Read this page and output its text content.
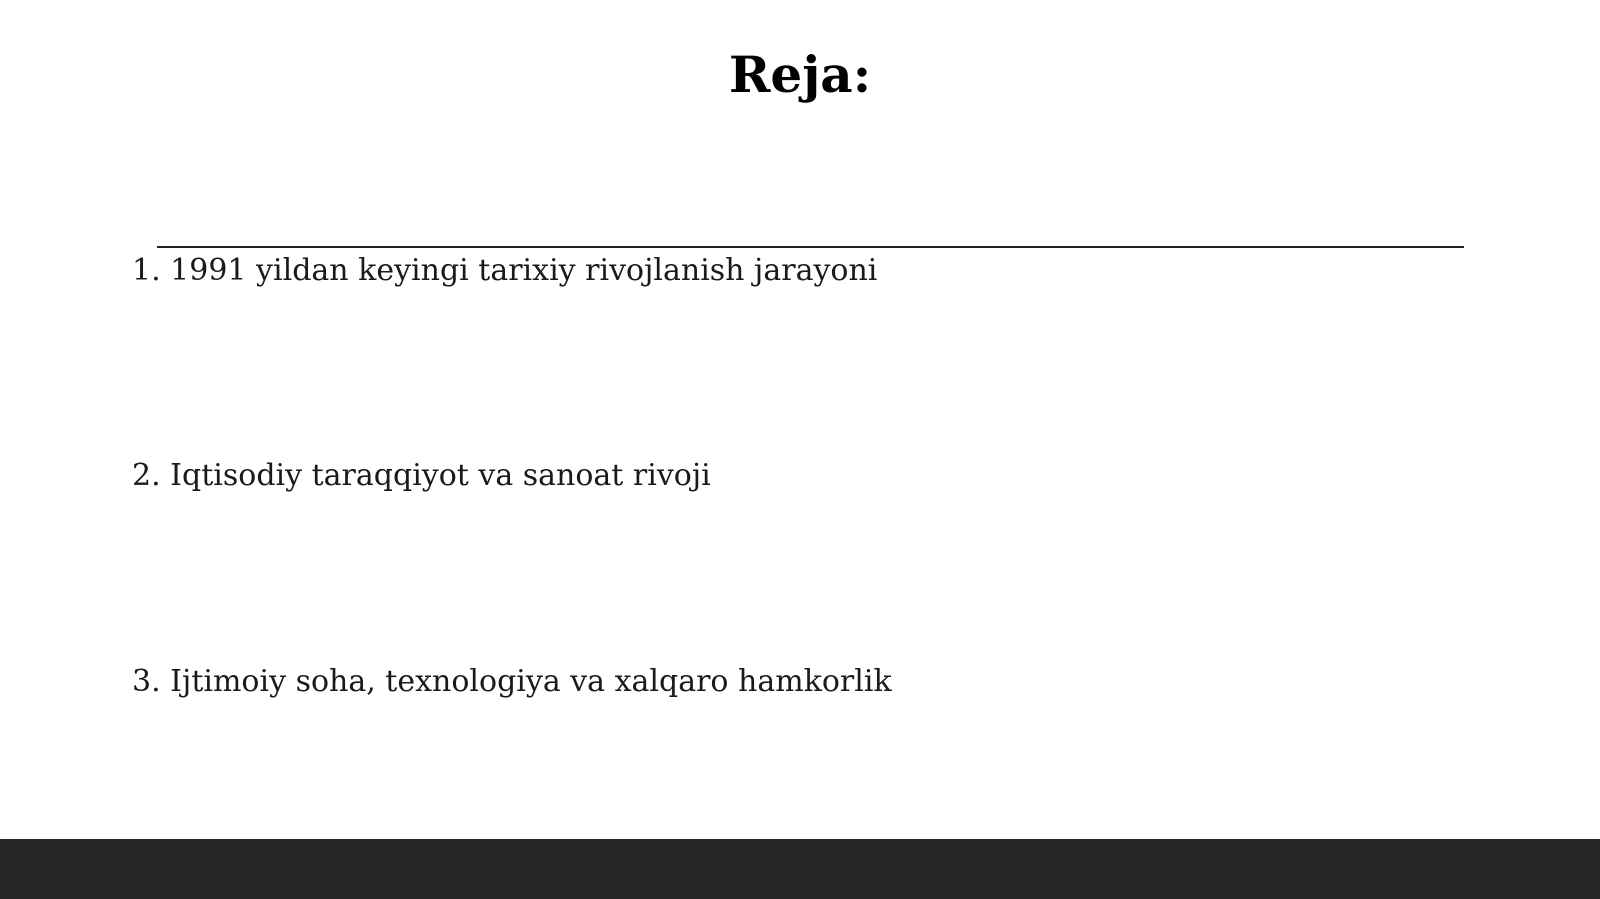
Reja:
1. 1991 yildan keyingi tarixiy rivojlanish jarayoni
2. Iqtisodiy taraqqiyot va sanoat rivoji
3. Ijtimoiy soha, texnologiya va xalqaro hamkorlik
